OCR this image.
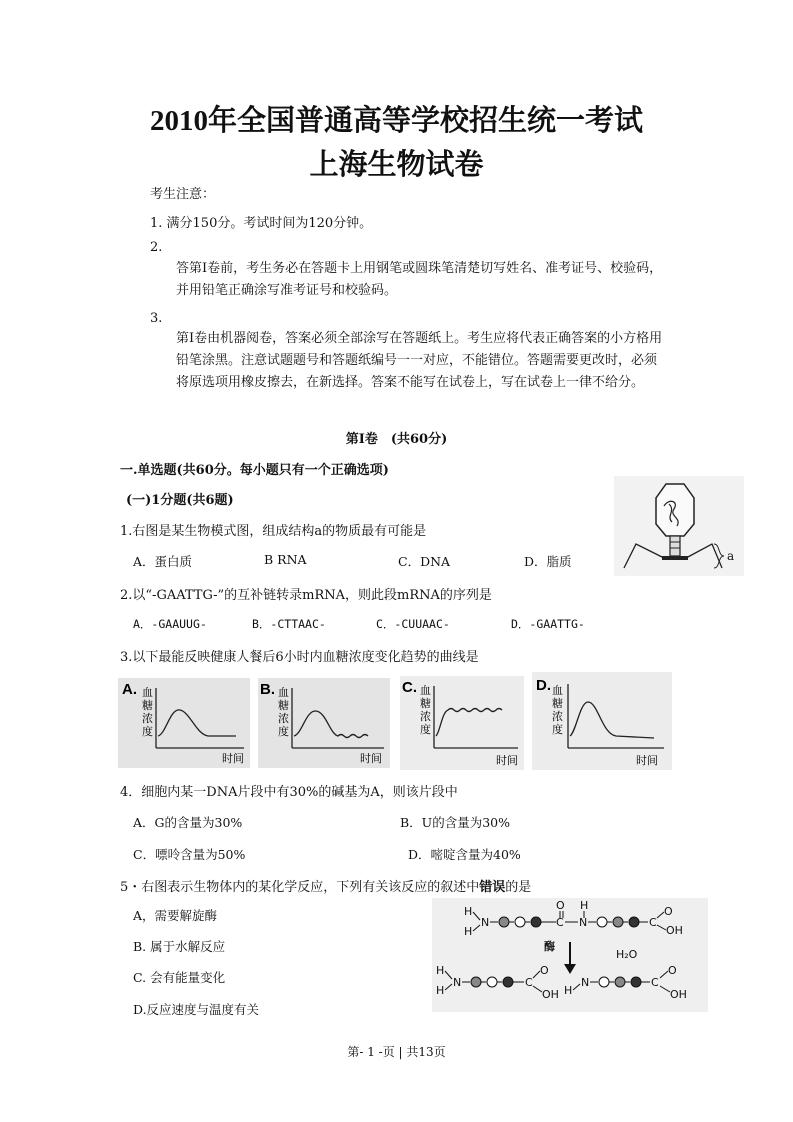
2010年全国普通高等学校招生统一考试
上海生物试卷
考生注意：
1. 满分150分。考试时间为120分钟。
2.
答第Ⅰ卷前，考生务必在答题卡上用钢笔或圆珠笔清楚切写姓名、准考证号、校验码，并用铅笔正确涂写准考证号和校验码。
3.
第Ⅰ卷由机器阅卷，答案必须全部涂写在答题纸上。考生应将代表正确答案的小方格用铅笔涂黑。注意试题题号和答题纸编号一一对应，不能错位。答题需要更改时，必须将原选项用橡皮擦去，在新选择。答案不能写在试卷上，写在试卷上一律不给分。
第Ⅰ卷　(共60分)
一.单选题(共60分。每小题只有一个正确选项)
(一)1分题(共6题)
1.右图是某生物模式图，组成结构a的物质最有可能是
A．蛋白质	B RNA	C．DNA	D．脂质	a
2.以“-GAATTG-”的互补链转录mRNA，则此段mRNA的序列是
A．-GAAUUG-	B．-CTTAAC-	C．-CUUAAC-	D．-GAATTG-
3.以下最能反映健康人餐后6小时内血糖浓度变化趋势的曲线是
A. 血
糖
浓
度
时间
B. 血
糖
浓
度
时间
C. 血
糖
浓
度
时间
D. 血
糖
浓
度
时间
4．细胞内某一DNA片段中有30%的碱基为A，则该片段中
A．G的含量为30%	B．U的含量为30%
C．嘌呤含量为50%	D．嘧啶含量为40%
5・右图表示生物体内的某化学反应，下列有关该反应的叙述中错误的是
A，需要解旋酶
B. 属于水解反应
C. 会有能量变化
D.反应速度与温度有关
H
H
N
O
C
H
N	C
O
OH
酶
H₂O
H
H
N	C
O
OH H
N	C
O
OH
第- 1 -页 | 共13页
